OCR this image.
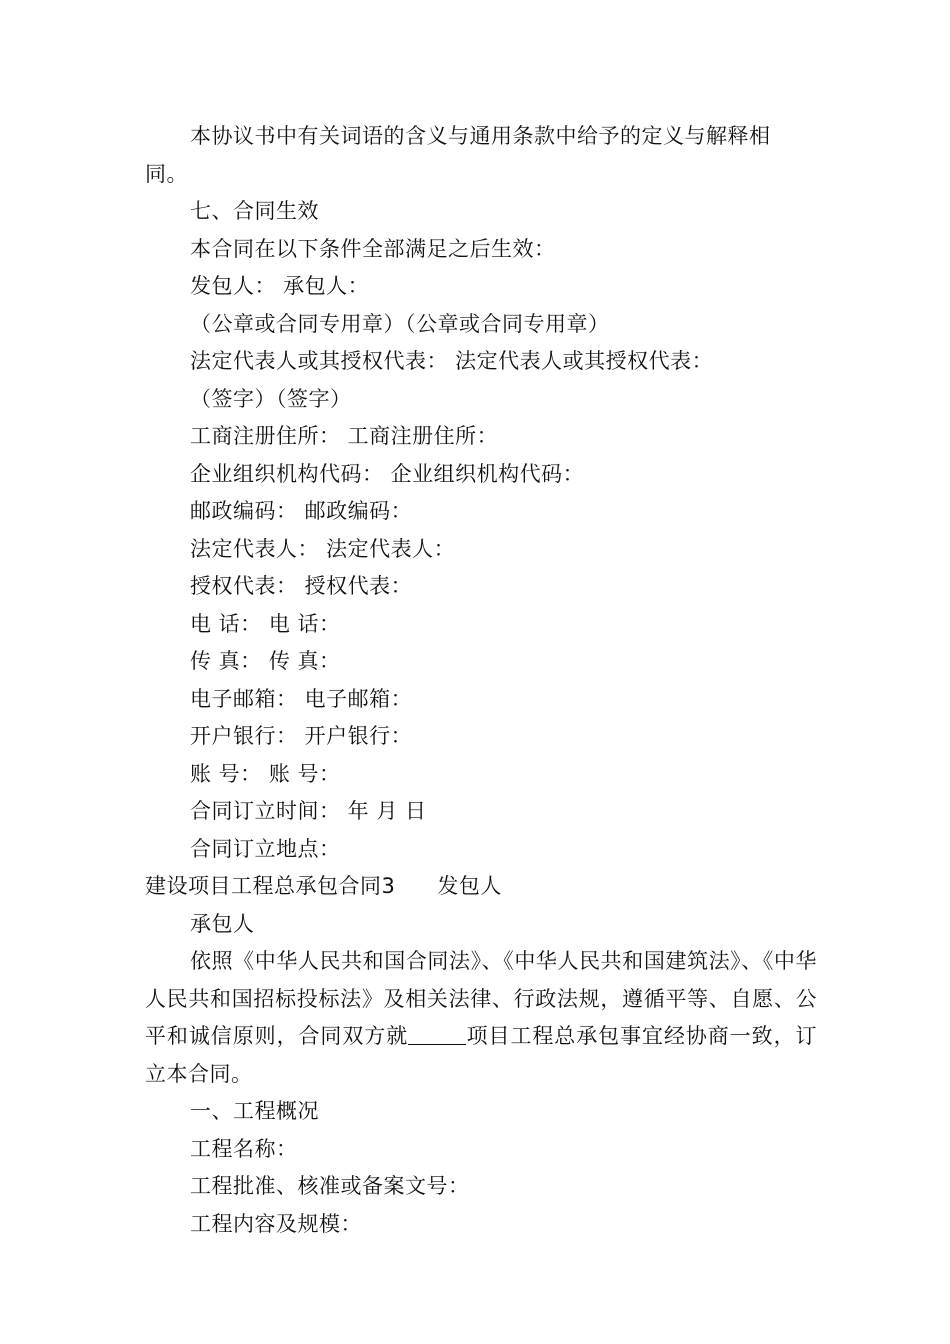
本协议书中有关词语的含义与通用条款中给予的定义与解释相
同。
七、合同生效
本合同在以下条件全部满足之后生效：
发包人： 承包人：
（公章或合同专用章）（公章或合同专用章）
法定代表人或其授权代表： 法定代表人或其授权代表：
（签字）（签字）
工商注册住所： 工商注册住所：
企业组织机构代码： 企业组织机构代码：
邮政编码： 邮政编码：
法定代表人： 法定代表人：
授权代表： 授权代表：
电 话： 电 话：
传 真： 传 真：
电子邮箱： 电子邮箱：
开户银行： 开户银行：
账 号： 账 号：
合同订立时间： 年 月 日
合同订立地点：
建设项目工程总承包合同3 发包人
承包人
依照《中华人民共和国合同法》、《中华人民共和国建筑法》、《中华人民共和国招标投标法》及相关法律、行政法规，遵循平等、自愿、公平和诚信原则，合同双方就	项目工程总承包事宜经协商一致，订立本合同。
一、工程概况
工程名称：
工程批准、核准或备案文号：
工程内容及规模：
